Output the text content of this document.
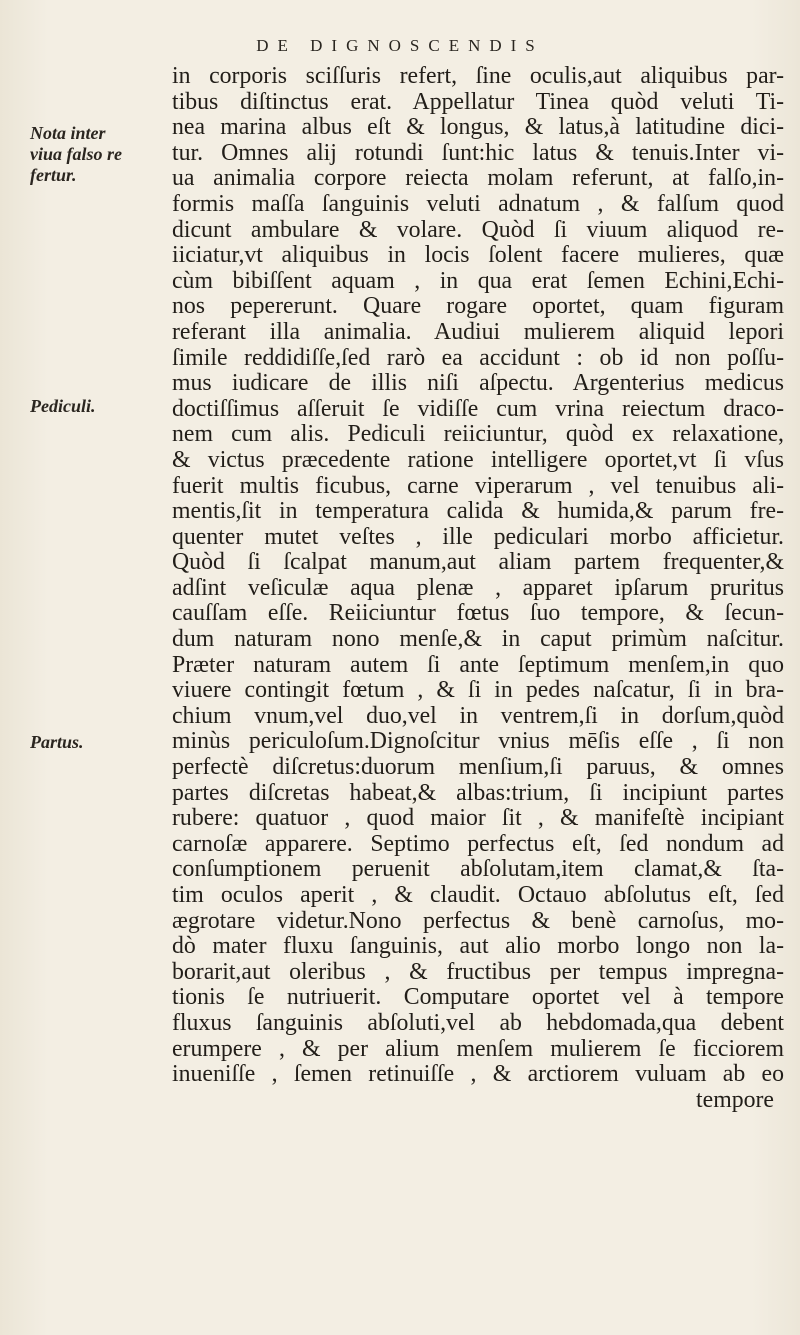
DE DIGNOSCENDIS
Nota inter
viua falso re
fertur.
Pediculi.
Partus.
in corporis sciſſuris refert, ſine oculis,aut aliquibus par-
tibus diſtinctus erat. Appellatur Tinea quòd veluti Ti-
nea marina albus eſt & longus, & latus,à latitudine dici-
tur. Omnes alij rotundi ſunt:hic latus & tenuis.Inter vi-
ua animalia corpore reiecta molam referunt, at falſo,in-
formis maſſa ſanguinis veluti adnatum , & falſum quod
dicunt ambulare & volare. Quòd ſi viuum aliquod re-
iiciatur,vt aliquibus in locis ſolent facere mulieres, quæ
cùm bibiſſent aquam , in qua erat ſemen Echini,Echi-
nos pepererunt. Quare rogare oportet, quam figuram
referant illa animalia. Audiui mulierem aliquid lepori
ſimile reddidiſſe,ſed rarò ea accidunt : ob id non poſſu-
mus iudicare de illis niſi aſpectu. Argenterius medicus
doctiſſimus aſſeruit ſe vidiſſe cum vrina reiectum draco-
nem cum alis. Pediculi reiiciuntur, quòd ex relaxatione,
& victus præcedente ratione intelligere oportet,vt ſi vſus
fuerit multis ficubus, carne viperarum , vel tenuibus ali-
mentis,ſit in temperatura calida & humida,& parum fre-
quenter mutet veſtes , ille pediculari morbo afficietur.
Quòd ſi ſcalpat manum,aut aliam partem frequenter,&
adſint veſiculæ aqua plenæ , apparet ipſarum pruritus
cauſſam eſſe. Reiiciuntur fœtus ſuo tempore, & ſecun-
dum naturam nono menſe,& in caput primùm naſcitur.
Præter naturam autem ſi ante ſeptimum menſem,in quo
viuere contingit fœtum , & ſi in pedes naſcatur, ſi in bra-
chium vnum,vel duo,vel in ventrem,ſi in dorſum,quòd
minùs periculoſum.Dignoſcitur vnius mēſis eſſe , ſi non
perfectè diſcretus:duorum menſium,ſi paruus, & omnes
partes diſcretas habeat,& albas:trium, ſi incipiunt partes
rubere: quatuor , quod maior ſit , & manifeſtè incipiant
carnoſæ apparere. Septimo perfectus eſt, ſed nondum ad
conſumptionem peruenit abſolutam,item clamat,& ſta-
tim oculos aperit , & claudit. Octauo abſolutus eſt, ſed
ægrotare videtur.Nono perfectus & benè carnoſus, mo-
dò mater fluxu ſanguinis, aut alio morbo longo non la-
borarit,aut oleribus , & fructibus per tempus impregna-
tionis ſe nutriuerit. Computare oportet vel à tempore
fluxus ſanguinis abſoluti,vel ab hebdomada,qua debent
erumpere , & per alium menſem mulierem ſe ficciorem
inueniſſe , ſemen retinuiſſe , & arctiorem vuluam ab eo
tempore
